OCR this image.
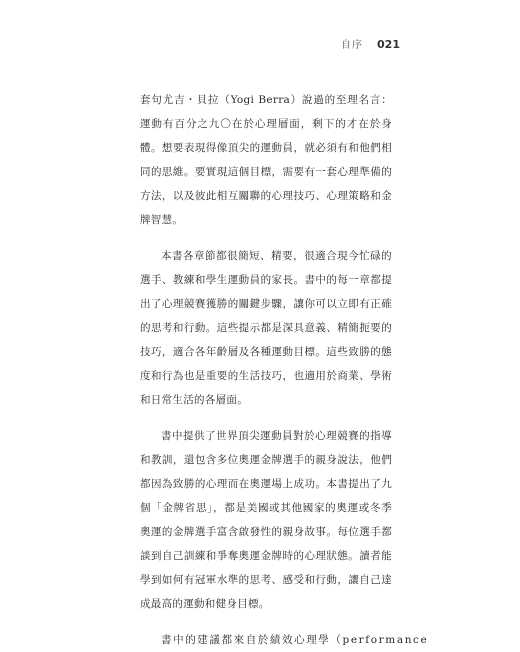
自序 021

套句尤吉・貝拉（Yogi Berra）說過的至理名言：運動有百分之九〇在於心理層面，剩下的才在於身體。想要表現得像頂尖的運動員，就必須有和他們相同的思維。要實現這個目標，需要有一套心理準備的方法，以及彼此相互關聯的心理技巧、心理策略和金牌智慧。

本書各章節都很簡短、精要，很適合現今忙碌的選手、教練和學生運動員的家長。書中的每一章都提出了心理競賽獲勝的關鍵步驟，讓你可以立即有正確的思考和行動。這些提示都是深具意義、精簡扼要的技巧，適合各年齡層及各種運動目標。這些致勝的態度和行為也是重要的生活技巧，也適用於商業、學術和日常生活的各層面。

書中提供了世界頂尖運動員對於心理競賽的指導和教訓，還包含多位奧運金牌選手的親身說法，他們都因為致勝的心理而在奧運場上成功。本書提出了九個「金牌省思」，都是美國或其他國家的奧運或冬季奧運的金牌選手富含啟發性的親身故事。每位選手都談到自己訓練和爭奪奧運金牌時的心理狀態。讀者能學到如何有冠軍水準的思考、感受和行動，讓自己達成最高的運動和健身目標。

書中的建議都來自於績效心理學（performance
